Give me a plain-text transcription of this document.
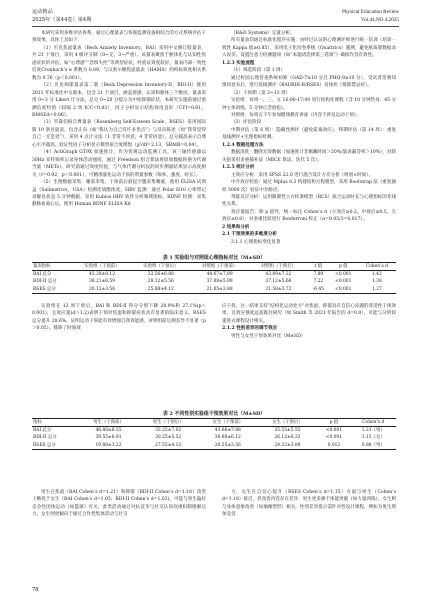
运动精品
2025年（第44卷）第4期
Physical Education Review
Vol.44,NO.4.2025

本研究采用多维评估体系，通过心理量表与客观监测设备相结合的方式系统评估干预效果，具体工具如下：

（1）贝克焦虑量表（Beck Anxiety Inventory，BAI）采用中文修订版量表，共 21 个条目，采用 4 级评分制（0~无，3~严重）。该量表聚焦于躯体化与认知性焦虑症状的评估，如“心悸感”“恐惧失控”等典型症状，经验证效度较好，量表内部一致性信度Cronbach’s α 系数为 0.89，与汉密尔顿焦虑量表（HAMA）的校标效度相关系数为 0.76（p＜0.001）。

（2）贝克抑郁量表第二版（Beck Depression Inventory-II，BDI-II）使用 2011 年标准化中文版本，包含 21 个项目，涵盖情感、认知和躯体三个维度。量表采用 0~3 分 Likert 计分法，总分 0~20 分提示为中度抑郁症状，本研究实施前通过重测信度检验（间隔 2 周 ICC=0.83），因子分析显示结构效度良好（CFI=0.91，RMSEA=0.06）。

（3）罗森伯格自尊量表（Rosenberg Self-Esteem Scale，RSES）采用国际版 10 条目量表，包含正向（如“我认为自己有许多优点”）与反向陈述（如“我常觉得自己一无是处”），采用 4 点计分法（1 非常不同意，4 非常同意），总分越高表示自尊心水平越高。验证性因子分析显示模型拟合度理想（χ²/df=2.13，SRMR=0.04）。

（4）ActiGraph GT9X 加速度计，作为客观运动监测工具，该三轴传感器以 30Hz 采样频率记录身体活动强度，通过 Freedson 组合算法将原始数据转换为代谢当量（METs）。研究前通过效度检验，与气体代谢分析仪的同步测量结果显示高度相关（r=0.92，p＜0.001），可精准量化运动干预的剂量参数（频率、强度、时长）。

（5）生理数据采集：睡前采集，干预前后晨起空腹采集唾液，使用 ELISA 试剂盒（Salimetrics，USA）检测皮质醇浓度，HRV 监测：通过 Polar H10 心率带记录静息状态 5 分钟数据，采用 Kubios HRV 软件分析频域指标。BDNF 检测：采集静脉血离心后，使用 Human BDNF ELISA Kit

（R&D Systems）定量分析。

所有量表均通过标准化程序实施：由经过认证的心理测评师进行统一培训（培训一致性 Kappa 值≥0.85），采用电子化问卷系统（Qualtrics）施测，避免纸质版数据录入误差。设置注意力检测题项（如“本题请选择第三选项”）确保作答有效性。

1.2.3 实验流程

（1）筛选阶段（第 1 周）

通过校园心理普查系统初筛（GAD-7≥10 分且 PHQ-9≥10 分），受试者签署知情同意书后，进行基线测评（BAI/BDI-II/RSES）及体检（排除禁忌症）。

（2）干预期（第 2~13 周）

实验组：每周一、三、五 16:00-17:00 进行结构化课程（含 10 分钟热身、45 分钟主体训练、5 分钟正念放松）。

对照组：每周五下午参加健康教育讲座（内容不涉及运动干预）。

（3）评估阶段

中期评估（第 6 周）：隐蔽性测评（避免霍桑效应），终期评估（第 14 周）：重复基线测评+生理指标检测。

1.2.4 数据处理方法

数据清洗：删除无效数据（加速度计非佩戴时间＞20%/量表漏答率＞10%），对缺失值采用多重插补法（MICE 算法，迭代 5 次）。

1.2.5 统计分析

主效应分析：采用 SPSS 22.0 进行混合设计方差分析（组别×时间）。

中介效应检验：通过 Mplus 8.3 构建结构方程模型，采用 Bootstrap 法（重复抽样 5000 次）验证中介路径。

剂量反应分析：运用限制性立方样条模型（RCS）拟合运动时长与心理指标的非线性关系。

效应量报告：除 p 值外，统一标注 Cohen’s d（小效应≥0.2，中效应≥0.5，大效应≥0.8），对多重比较进行 Bonferroni 校正（α=0.05/3=0.017）。

2 结果和分析

2.1 干预效果的多维度分析

2.1.1 心理指标变化显著

表 1 实验组与对照组心理指标对比（M±SD）
量表指标	实验组（干预前）	实验组（干预后）	对照组（干预前）	对照组（干预后）	t 值	p 值	Cohen’s d
BAI 总分	45.28±8.12	32.56±6.88	44.67±7.89	43.89±7.22	7.89	<0.001	1.42
BDI-II 总分	38.21±6.59	28.12±5.56	37.88±5.98	37.12±5.66	7.22	<0.001	1.38
RSES 总分	20.12±3.56	25.88±4.12	21.05±3.88	21.58±3.72	-6.45	<0.001	1.27

实验组在 12 周干预后，BAI 和 BDI-II 得分分别下降 28.9%和 27.1%(p＜0.001)，且效应量(d＞1.2)表明干预对焦虑和抑郁症状具有显著的临床意义。RSES 总分提升 28.6%，证明运动干预能有效增强自我效能感，对照组前后测差异不显著（p＞0.05）。排除了时间效

应干扰。这一结果支持“结构化运动处方”对焦虑、抑郁具有自信心问题的普适性干预效果，且效应强度远超既往研究（如 Smith 等 2021 年报告的 d=0.8），可能与分阶段递进式课程设计相关。

2.1.2 性别差异的调节效应

男性与女性干预效果对比（M±SD）

表 2 不同性别实验组干预效果对比（M±SD）
指标	男生（干预前）	男生（干预后）	女生（干预前）	女生（干预后）	p 值	Cohen’s d
BAI 总分	46.88±8.55	33.25±7.02	43.66±7.88	35.55±5.55	<0.001	1.21（男）
BDI-II 总分	39.55±6.91	30.25±5.52	36.88±6.12	26.12±6.33	<0.001	1.15（女）
RSES 总分	19.88±3.22	27.55±4.12	20.55±3.56	24.32±3.89	0.012	0.88（男）

男生在焦虑（BAI Cohen’s d=1.21）和抑郁（BDI-II Cohen’s d=1.18）改善上略优于女生（BAI Cohen’s d=1.05；BDI-II Cohen’s d=1.02)，可能与男生偏好竞争性团体运动（如篮球）有关，此类活动通过对抗竞争与社交认同双重机制缓解压力。女生则更倾向于通过合作性集体活动与社交

力，女生在自信心提升（RSES Cohen’s d=1.15）方面与男生（Cohen’s d=1.18）接近，但改善内容存在差异：男生更多源于体能突破（如力量训练），女生则与身体意象改善（如瑜伽塑形）相关。性别差异提示需针对性设计课程，例如为男生增加竞技

78
